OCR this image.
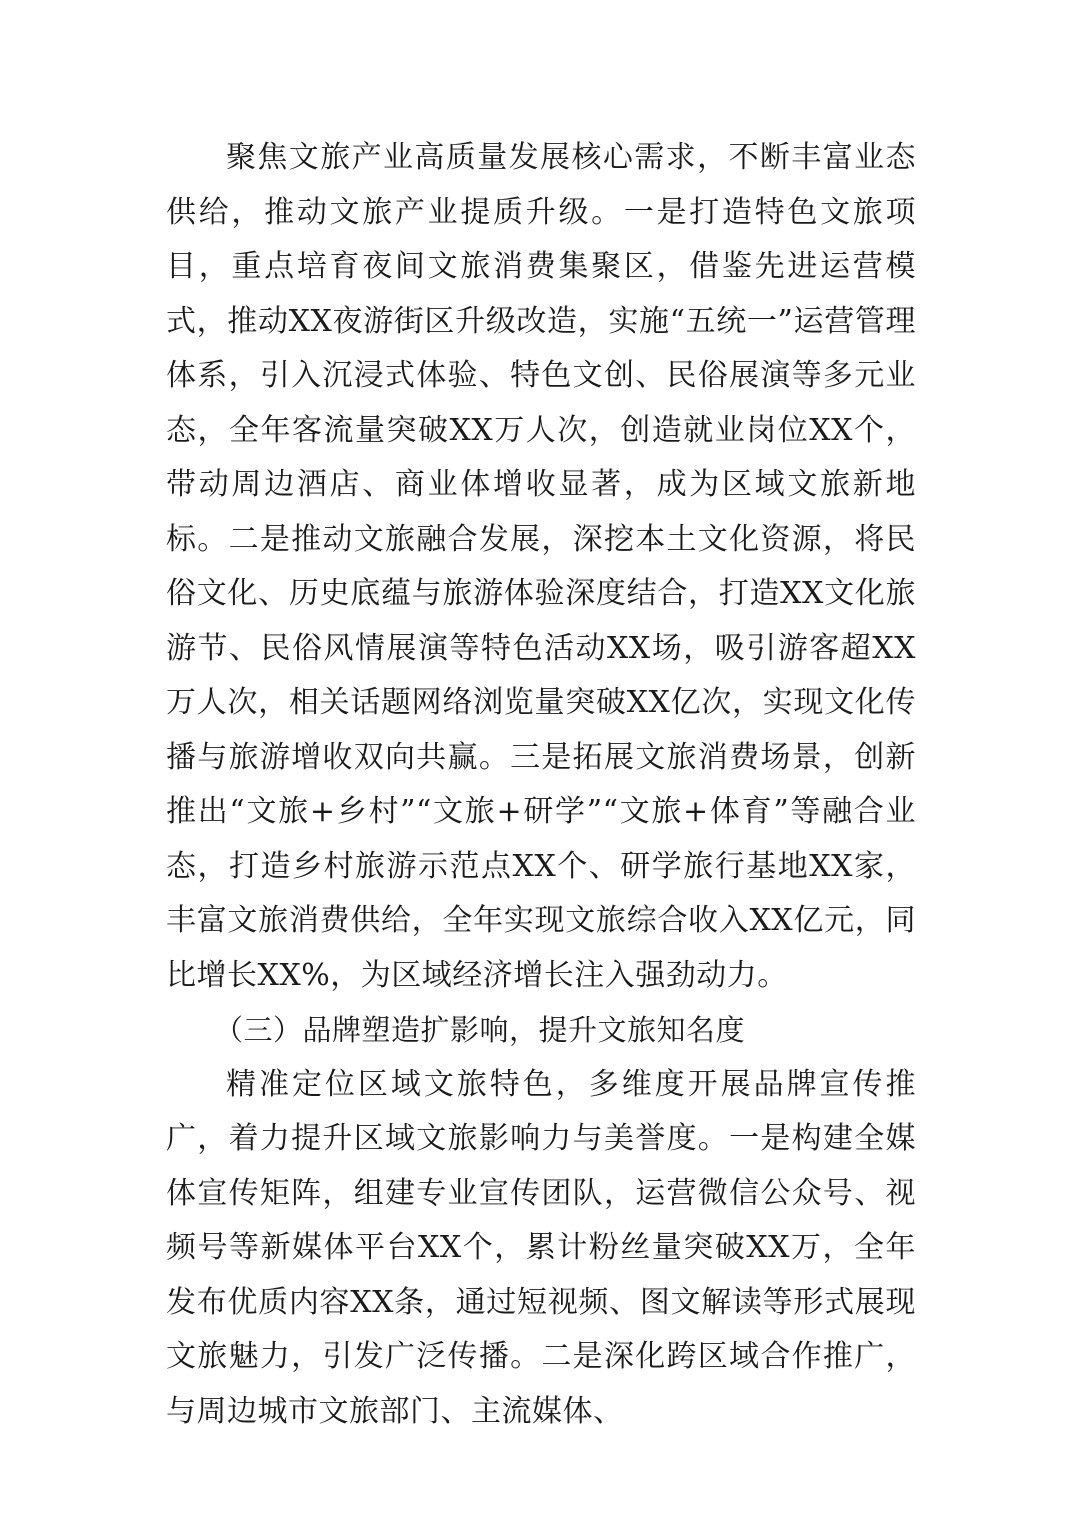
聚焦文旅产业高质量发展核心需求，不断丰富业态供给，推动文旅产业提质升级。一是打造特色文旅项目，重点培育夜间文旅消费集聚区，借鉴先进运营模式，推动XX夜游街区升级改造，实施“五统一”运营管理体系，引入沉浸式体验、特色文创、民俗展演等多元业态，全年客流量突破XX万人次，创造就业岗位XX个，带动周边酒店、商业体增收显著，成为区域文旅新地标。二是推动文旅融合发展，深挖本土文化资源，将民俗文化、历史底蕴与旅游体验深度结合，打造XX文化旅游节、民俗风情展演等特色活动XX场，吸引游客超XX万人次，相关话题网络浏览量突破XX亿次，实现文化传播与旅游增收双向共赢。三是拓展文旅消费场景，创新推出“文旅+乡村”“文旅+研学”“文旅+体育”等融合业态，打造乡村旅游示范点XX个、研学旅行基地XX家，丰富文旅消费供给，全年实现文旅综合收入XX亿元，同比增长XX%，为区域经济增长注入强劲动力。

（三）品牌塑造扩影响，提升文旅知名度

精准定位区域文旅特色，多维度开展品牌宣传推广，着力提升区域文旅影响力与美誉度。一是构建全媒体宣传矩阵，组建专业宣传团队，运营微信公众号、视频号等新媒体平台XX个，累计粉丝量突破XX万，全年发布优质内容XX条，通过短视频、图文解读等形式展现文旅魅力，引发广泛传播。二是深化跨区域合作推广，与周边城市文旅部门、主流媒体、
